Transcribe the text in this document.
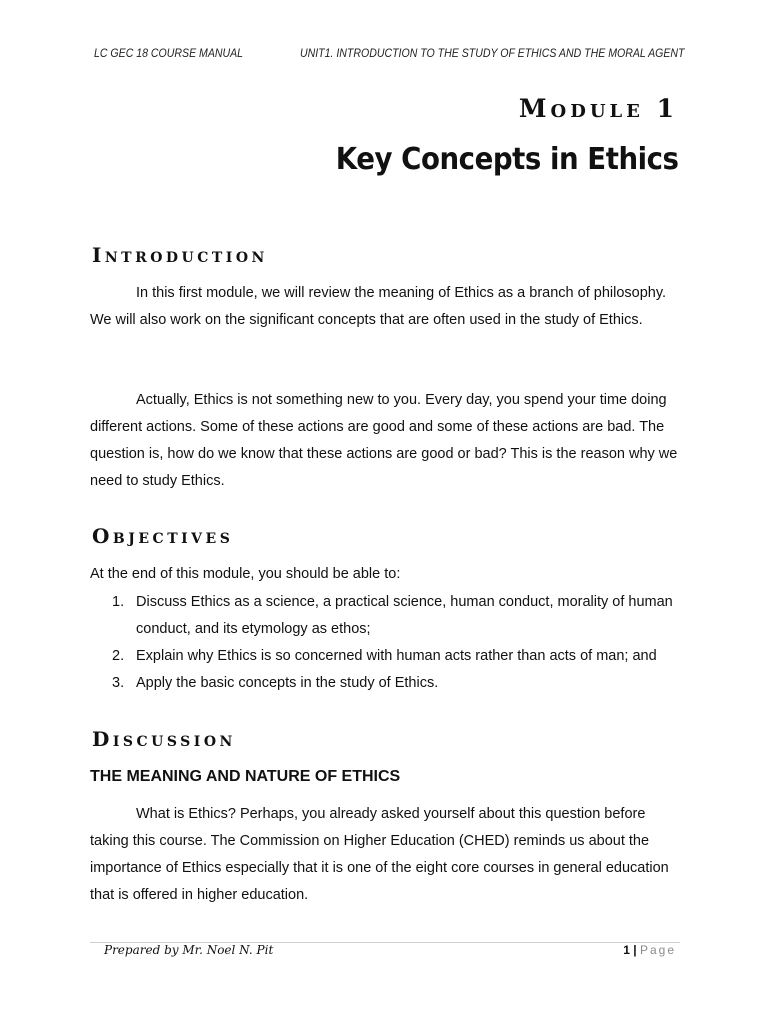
LC GEC 18 COURSE MANUAL	UNIT1. INTRODUCTION TO THE STUDY OF ETHICS AND THE MORAL AGENT
Module 1
Key Concepts in Ethics
Introduction

In this first module, we will review the meaning of Ethics as a branch of philosophy. We will also work on the significant concepts that are often used in the study of Ethics.

Actually, Ethics is not something new to you. Every day, you spend your time doing different actions. Some of these actions are good and some of these actions are bad. The question is, how do we know that these actions are good or bad? This is the reason why we need to study Ethics.

Objectives
At the end of this module, you should be able to:
1. Discuss Ethics as a science, a practical science, human conduct, morality of human conduct, and its etymology as ethos;
2. Explain why Ethics is so concerned with human acts rather than acts of man; and
3. Apply the basic concepts in the study of Ethics.
Discussion
THE MEANING AND NATURE OF ETHICS

What is Ethics? Perhaps, you already asked yourself about this question before taking this course. The Commission on Higher Education (CHED) reminds us about the importance of Ethics especially that it is one of the eight core courses in general education that is offered in higher education.

Prepared by Mr. Noel N. Pit	1 | Page
